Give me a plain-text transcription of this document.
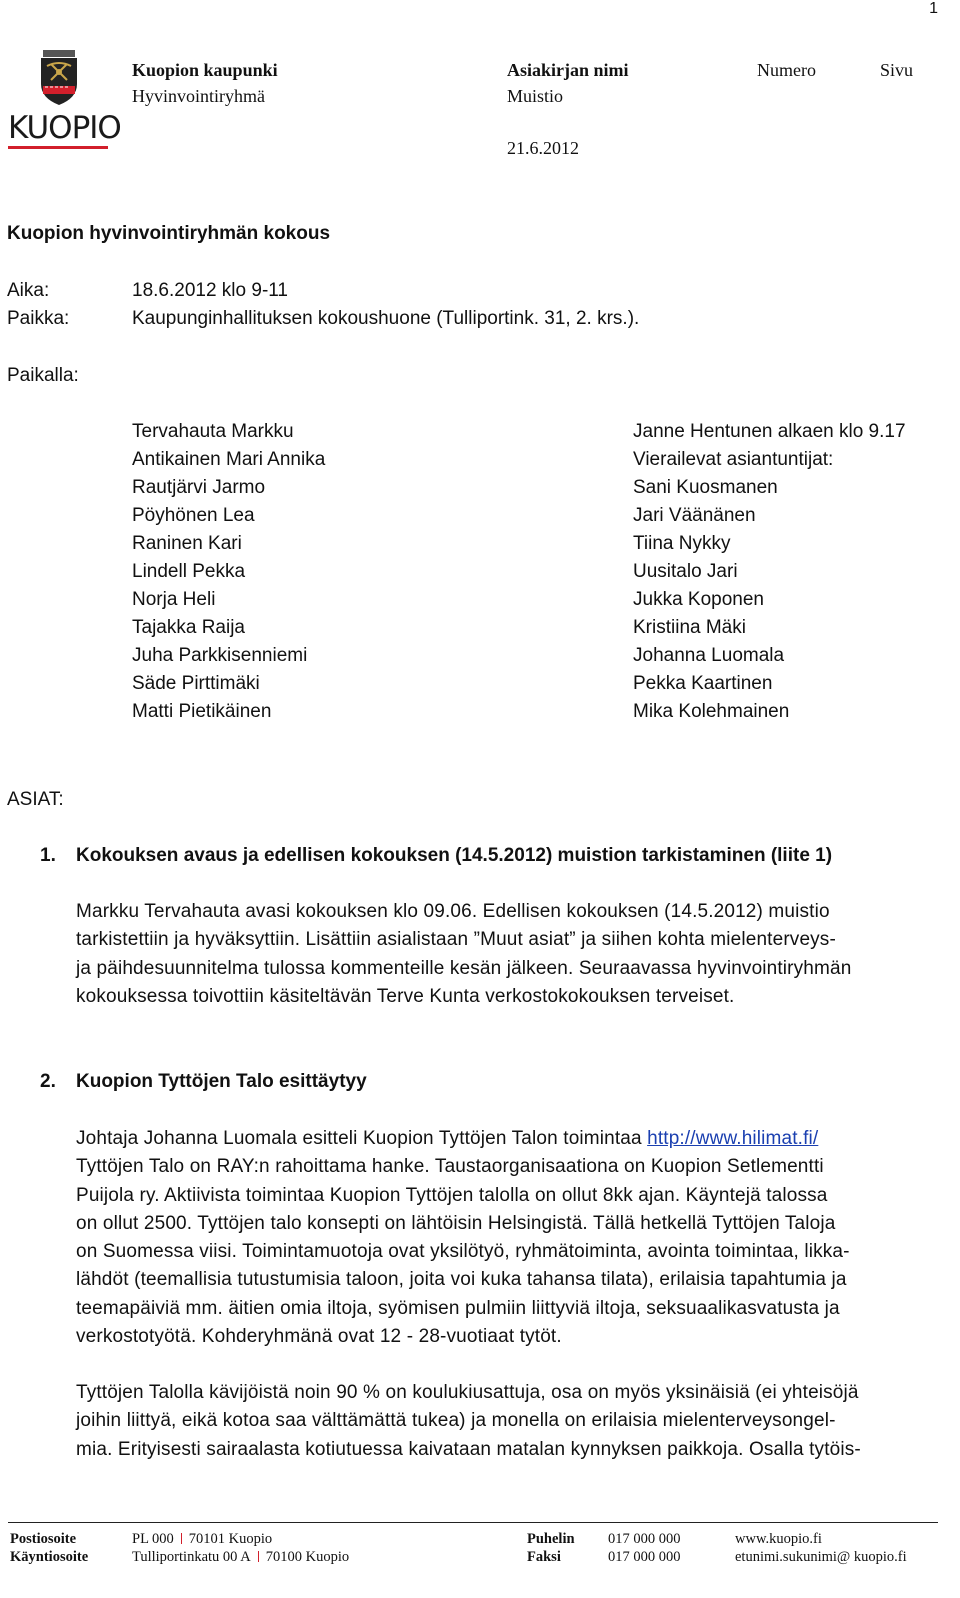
1
KUOPIO
Kuopion kaupunki
Hyvinvointiryhmä
Asiakirjan nimi
Muistio
Numero	Sivu
21.6.2012
Kuopion hyvinvointiryhmän kokous
Aika:	18.6.2012 klo 9-11
Paikka:	Kaupunginhallituksen kokoushuone (Tulliportink. 31, 2. krs.).
Paikalla:
Tervahauta Markku
Antikainen Mari Annika
Rautjärvi Jarmo
Pöyhönen Lea
Raninen Kari
Lindell Pekka
Norja Heli
Tajakka Raija
Juha Parkkisenniemi
Säde Pirttimäki
Matti Pietikäinen
Janne Hentunen alkaen klo 9.17
Vierailevat asiantuntijat:
Sani Kuosmanen
Jari Väänänen
Tiina Nykky
Uusitalo Jari
Jukka Koponen
Kristiina Mäki
Johanna Luomala
Pekka Kaartinen
Mika Kolehmainen
ASIAT:
1. Kokouksen avaus ja edellisen kokouksen (14.5.2012) muistion tarkistaminen (liite 1)
Markku Tervahauta avasi kokouksen klo 09.06. Edellisen kokouksen (14.5.2012) muistio
tarkistettiin ja hyväksyttiin. Lisättiin asialistaan ”Muut asiat” ja siihen kohta mielenterveys-
ja päihdesuunnitelma tulossa kommenteille kesän jälkeen. Seuraavassa hyvinvointiryhmän
kokouksessa toivottiin käsiteltävän Terve Kunta verkostokokouksen terveiset.
2. Kuopion Tyttöjen Talo esittäytyy
Johtaja Johanna Luomala esitteli Kuopion Tyttöjen Talon toimintaa http://www.hilimat.fi/
Tyttöjen Talo on RAY:n rahoittama hanke. Taustaorganisaationa on Kuopion Setlementti
Puijola ry. Aktiivista toimintaa Kuopion Tyttöjen talolla on ollut 8kk ajan. Käyntejä talossa
on ollut 2500. Tyttöjen talo konsepti on lähtöisin Helsingistä. Tällä hetkellä Tyttöjen Taloja
on Suomessa viisi. Toimintamuotoja ovat yksilötyö, ryhmätoiminta, avointa toimintaa, likka-
lähdöt (teemallisia tutustumisia taloon, joita voi kuka tahansa tilata), erilaisia tapahtumia ja
teemapäiviä mm. äitien omia iltoja, syömisen pulmiin liittyviä iltoja, seksuaalikasvatusta ja
verkostotyötä. Kohderyhmänä ovat 12 - 28-vuotiaat tytöt.
Tyttöjen Talolla kävijöistä noin 90 % on koulukiusattuja, osa on myös yksinäisiä (ei yhteisöjä
joihin liittyä, eikä kotoa saa välttämättä tukea) ja monella on erilaisia mielenterveysongel-
mia. Erityisesti sairaalasta kotiutuessa kaivataan matalan kynnyksen paikkoja. Osalla tytöis-
Postiosoite	PL 000 70101 Kuopio
Käyntiosoite	Tulliportinkatu 00 A 70100 Kuopio
Puhelin 017 000 000
Faksi	017 000 000
www.kuopio.fi
etunimi.sukunimi@ kuopio.fi
